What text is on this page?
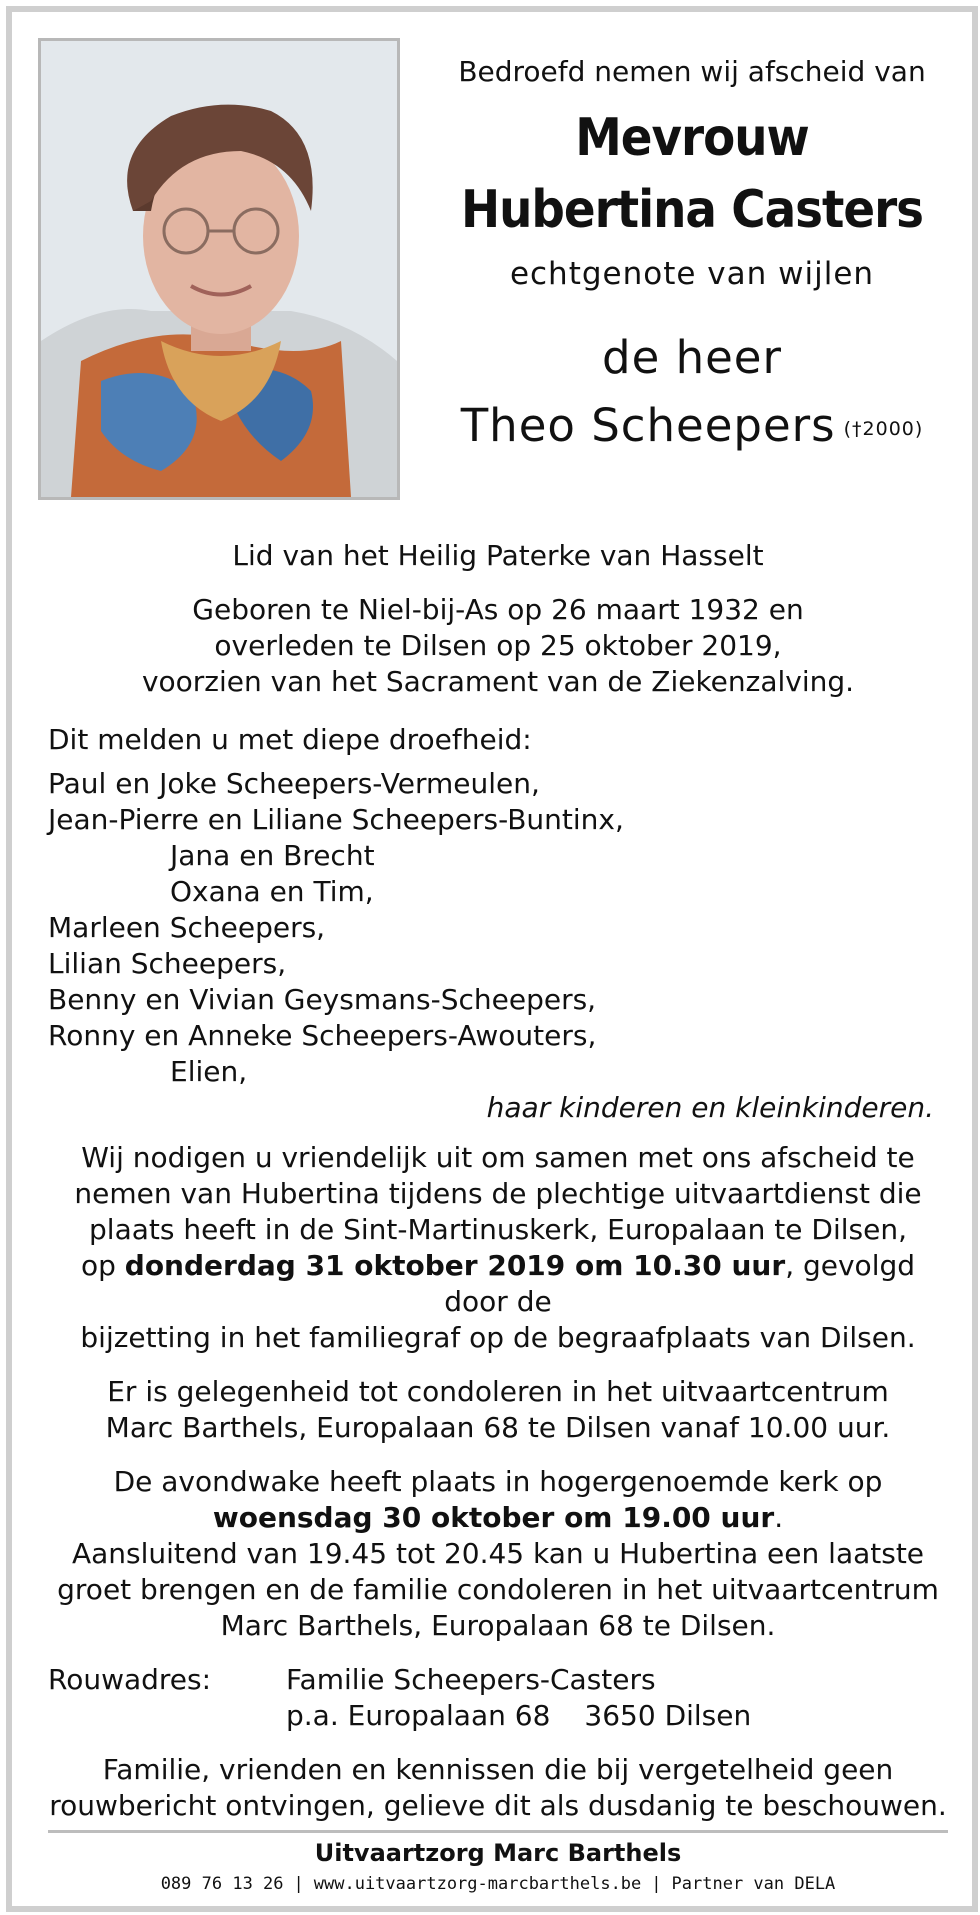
Bedroefd nemen wij afscheid van
Mevrouw
Hubertina Casters
echtgenote van wijlen
de heer
Theo Scheepers (†2000)
Lid van het Heilig Paterke van Hasselt
Geboren te Niel-bij-As op 26 maart 1932 en
overleden te Dilsen op 25 oktober 2019,
voorzien van het Sacrament van de Ziekenzalving.
Dit melden u met diepe droefheid:
Paul en Joke Scheepers-Vermeulen,
Jean-Pierre en Liliane Scheepers-Buntinx,
Jana en Brecht
Oxana en Tim,
Marleen Scheepers,
Lilian Scheepers,
Benny en Vivian Geysmans-Scheepers,
Ronny en Anneke Scheepers-Awouters,
Elien,
haar kinderen en kleinkinderen.
Wij nodigen u vriendelijk uit om samen met ons afscheid te
nemen van Hubertina tijdens de plechtige uitvaartdienst die
plaats heeft in de Sint-Martinuskerk, Europalaan te Dilsen,
op donderdag 31 oktober 2019 om 10.30 uur, gevolgd door de
bijzetting in het familiegraf op de begraafplaats van Dilsen.
Er is gelegenheid tot condoleren in het uitvaartcentrum
Marc Barthels, Europalaan 68 te Dilsen vanaf 10.00 uur.
De avondwake heeft plaats in hogergenoemde kerk op
woensdag 30 oktober om 19.00 uur.
Aansluitend van 19.45 tot 20.45 kan u Hubertina een laatste
groet brengen en de familie condoleren in het uitvaartcentrum
Marc Barthels, Europalaan 68 te Dilsen.
Rouwadres:	Familie Scheepers-Casters
p.a. Europalaan 68 3650 Dilsen
Familie, vrienden en kennissen die bij vergetelheid geen
rouwbericht ontvingen, gelieve dit als dusdanig te beschouwen.
Uitvaartzorg Marc Barthels
089 76 13 26 | www.uitvaartzorg-marcbarthels.be | Partner van DELA
